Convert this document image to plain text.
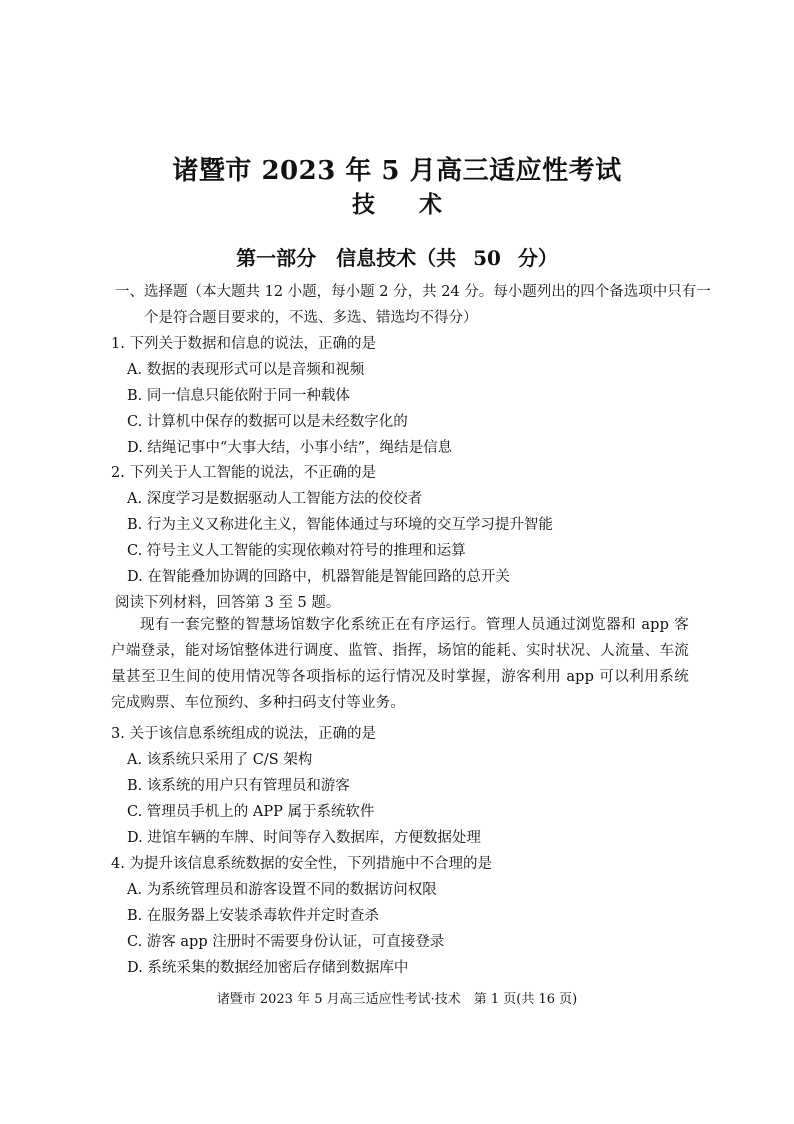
诸暨市 2023 年 5 月高三适应性考试
技 术
第一部分　信息技术（共 50 分）
一、选择题（本大题共 12 小题，每小题 2 分，共 24 分。每小题列出的四个备选项中只有一
个是符合题目要求的，不选、多选、错选均不得分）
1. 下列关于数据和信息的说法，正确的是
A. 数据的表现形式可以是音频和视频
B. 同一信息只能依附于同一种载体
C. 计算机中保存的数据可以是未经数字化的
D. 结绳记事中“大事大结，小事小结”，绳结是信息
2. 下列关于人工智能的说法，不正确的是
A. 深度学习是数据驱动人工智能方法的佼佼者
B. 行为主义又称进化主义，智能体通过与环境的交互学习提升智能
C. 符号主义人工智能的实现依赖对符号的推理和运算
D. 在智能叠加协调的回路中，机器智能是智能回路的总开关
阅读下列材料，回答第 3 至 5 题。
现有一套完整的智慧场馆数字化系统正在有序运行。管理人员通过浏览器和 app 客户端登录，能对场馆整体进行调度、监管、指挥，场馆的能耗、实时状况、人流量、车流量甚至卫生间的使用情况等各项指标的运行情况及时掌握，游客利用 app 可以利用系统完成购票、车位预约、多种扫码支付等业务。
3. 关于该信息系统组成的说法，正确的是
A. 该系统只采用了 C/S 架构
B. 该系统的用户只有管理员和游客
C. 管理员手机上的 APP 属于系统软件
D. 进馆车辆的车牌、时间等存入数据库，方便数据处理
4. 为提升该信息系统数据的安全性，下列措施中不合理的是
A. 为系统管理员和游客设置不同的数据访问权限
B. 在服务器上安装杀毒软件并定时查杀
C. 游客 app 注册时不需要身份认证，可直接登录
D. 系统采集的数据经加密后存储到数据库中
诸暨市 2023 年 5 月高三适应性考试·技术　第 1 页(共 16 页)
